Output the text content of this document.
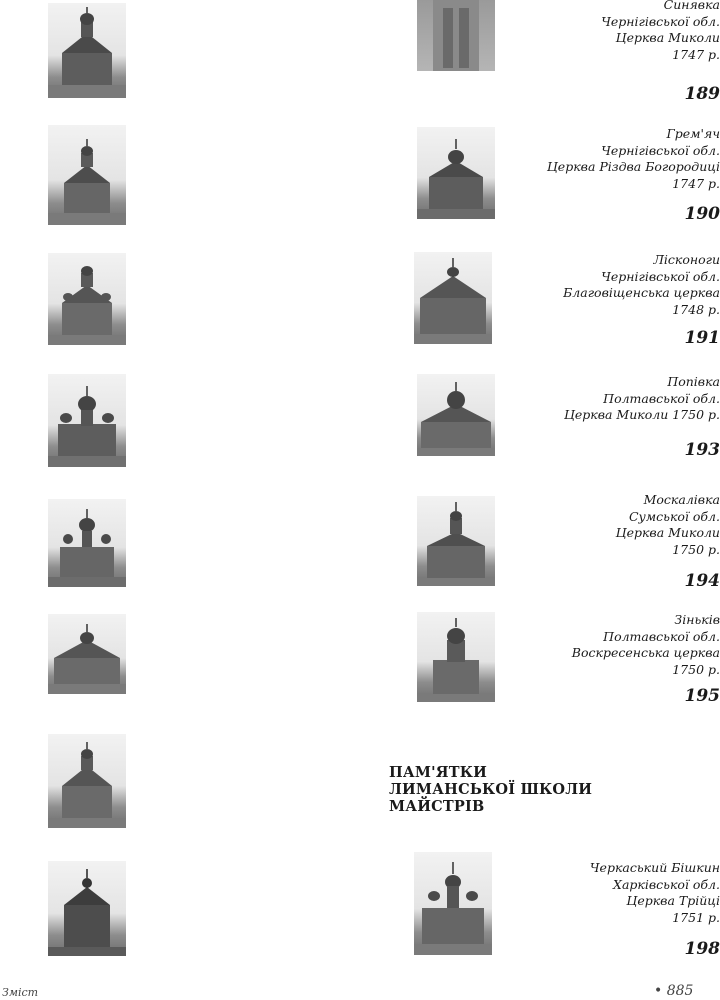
Синявка
Чернігівської обл.
Церква Миколи
1747 р.
189
Грем'яч
Чернігівської обл.
Церква Різдва Богородиці
1747 р.
190
Лісконоги
Чернігівської обл.
Благовіщенська церква
1748 р.
191
Попівка
Полтавської обл.
Церква Миколи 1750 р.
193
Москалівка
Сумської обл.
Церква Миколи
1750 р.
194
Зіньків
Полтавської обл.
Воскресенська церква
1750 р.
195
ПАМ'ЯТКИ
ЛИМАНСЬКОЇ ШКОЛИ
МАЙСТРІВ
Черкаський Бішкин
Харківської обл.
Церква Трійці
1751 р.
198
Зміст	• 885
